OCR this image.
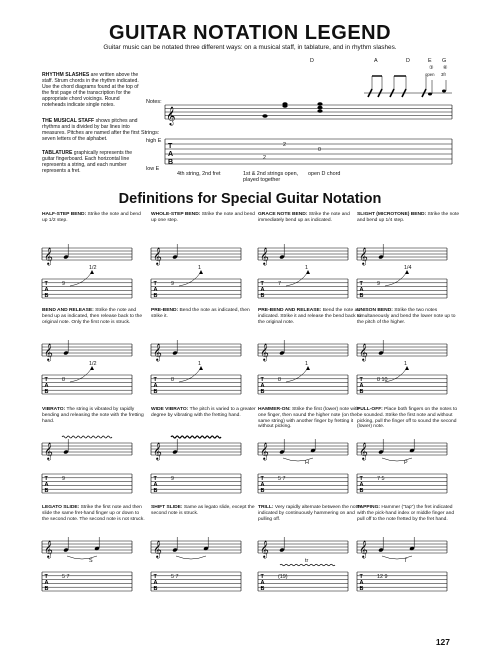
GUITAR NOTATION LEGEND
Guitar music can be notated three different ways: on a musical staff, in tablature, and in rhythm slashes.
RHYTHM SLASHES are written above the staff. Strum chords in the rhythm indicated. Use the chord diagrams found at the top of the first page of the transcription for the appropriate chord voicings. Round noteheads indicate single notes.
THE MUSICAL STAFF shows pitches and rhythms and is divided by bar lines into measures. Pitches are named after the first seven letters of the alphabet.
TABLATURE graphically represents the guitar fingerboard. Each horizontal line represents a string, and each number represents a fret.
D	A	D	E G
③ ⑥
open 3fr
Notes:
Strings:
high E
low E
2
2
0
4th string, 2nd fret	1st & 2nd strings open, played together
open D chord
𝄞
T
A
B
Definitions for Special Guitar Notation
HALF-STEP BEND: Strike the note and bend up 1/2 step.
𝄞
T
A
B
9
1/2
WHOLE-STEP BEND: Strike the note and bend up one step.
𝄞
T
A
B
9
1
GRACE NOTE BEND: Strike the note and immediately bend up as indicated.
𝄞
T
A
B
7
1
SLIGHT (MICROTONE) BEND: Strike the note and bend up 1/4 step.
𝄞
T
A
B
9
1/4
BEND AND RELEASE: Strike the note and bend up as indicated, then release back to the original note. Only the first note is struck.
𝄞
T
A
B
8
1/2
PRE-BEND: Bend the note as indicated, then strike it.
𝄞
T
A
B
8
1
PRE-BEND AND RELEASE: Bend the note as indicated. Strike it and release the bend back to the original note.
𝄞
T
A
B
8
1
UNISON BEND: Strike the two notes simultaneously and bend the lower note up to the pitch of the higher.
𝄞
T
A
B
8 10
1
VIBRATO: The string is vibrated by rapidly bending and releasing the note with the fretting hand.
𝄞
T
A
B
9
WIDE VIBRATO: The pitch is varied to a greater degree by vibrating with the fretting hand.
𝄞
T
A
B
9
HAMMER-ON: Strike the first (lower) note with one finger, then sound the higher note (on the same string) with another finger by fretting it without picking.
𝄞
T
A
B
5 7
H
PULL-OFF: Place both fingers on the notes to be sounded. Strike the first note and without picking, pull the finger off to sound the second (lower) note.
𝄞
T
A
B
7 5
P
LEGATO SLIDE: Strike the first note and then slide the same fret-hand finger up or down to the second note. The second note is not struck.
𝄞
T
A
B
5 7
S
SHIFT SLIDE: Same as legato slide, except the second note is struck.
𝄞
T
A
B
5 7
TRILL: Very rapidly alternate between the notes indicated by continuously hammering on and pulling off.
𝄞
T
A
B
(19)
tr
TAPPING: Hammer ("tap") the fret indicated with the pick-hand index or middle finger and pull off to the note fretted by the fret hand.
𝄞
T
A
B
12 9
T
127
